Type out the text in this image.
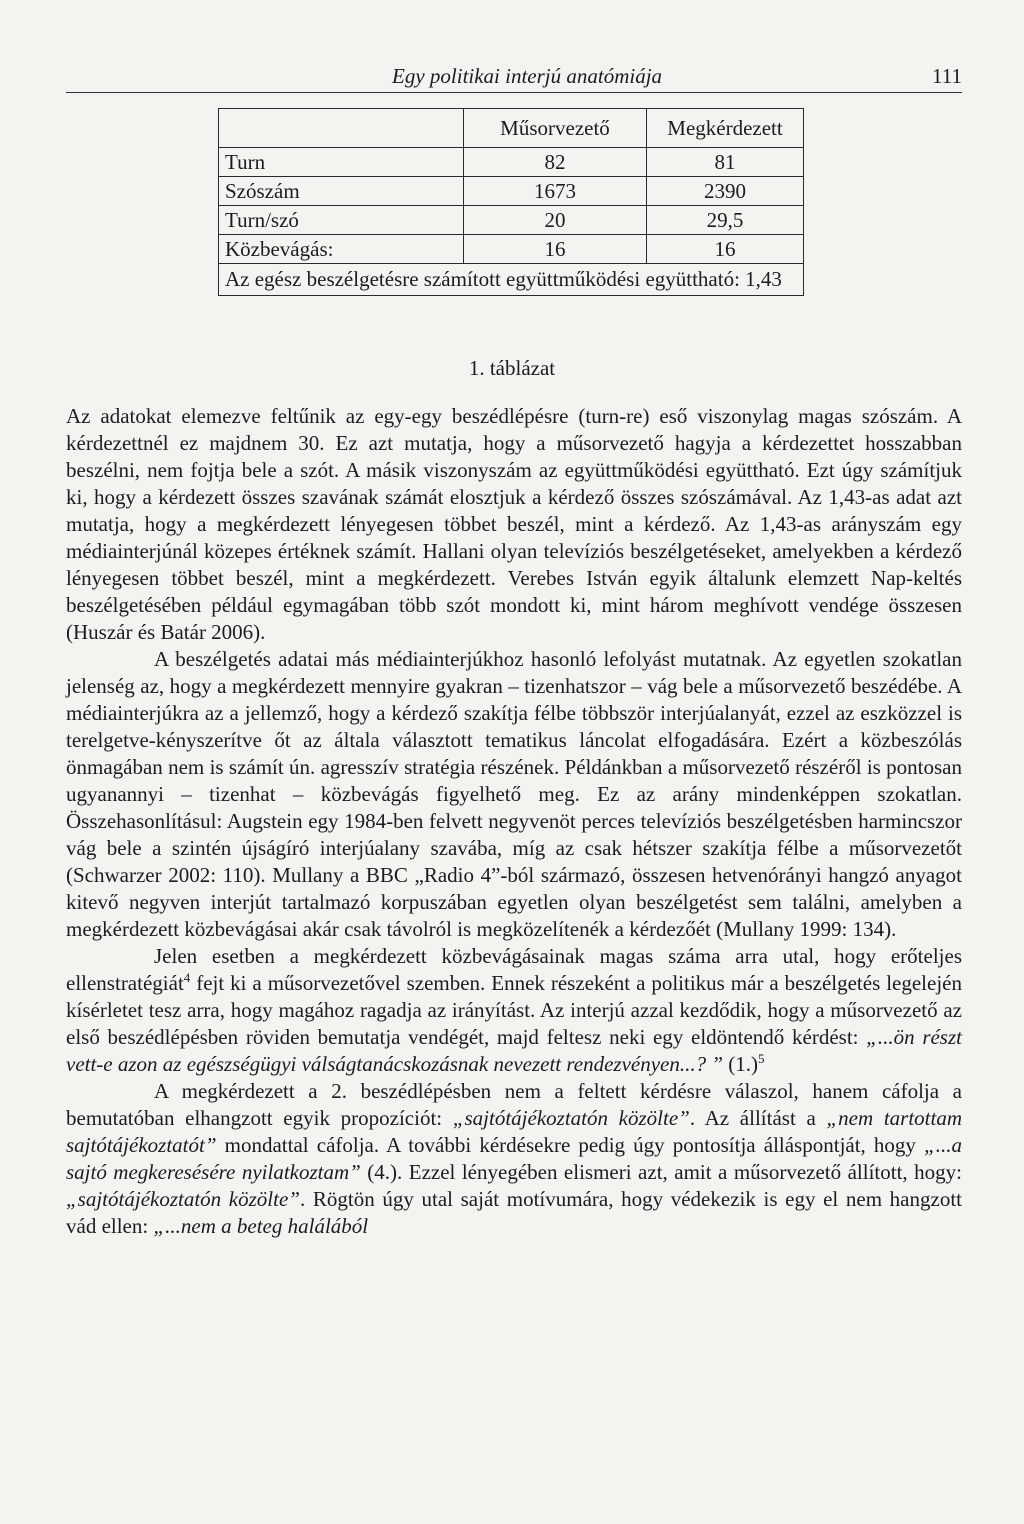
Egy politikai interjú anatómiája	111
	Műsorvezető	Megkérdezett
Turn	82	81
Szószám	1673	2390
Turn/szó	20	29,5
Közbevágás:	16	16
Az egész beszélgetésre számított együttműködési együttható: 1,43		
1. táblázat

Az adatokat elemezve feltűnik az egy-egy beszédlépésre (turn-re) eső viszonylag magas szószám. A kérdezettnél ez majdnem 30. Ez azt mutatja, hogy a műsorvezető hagyja a kérdezettet hosszabban beszélni, nem fojtja bele a szót. A másik viszonyszám az együttműködési együttható. Ezt úgy számítjuk ki, hogy a kérdezett összes szavának számát elosztjuk a kérdező összes szószámával. Az 1,43-as adat azt mutatja, hogy a megkérdezett lényegesen többet beszél, mint a kérdező. Az 1,43-as arányszám egy médiainterjúnál közepes értéknek számít. Hallani olyan televíziós beszélgetéseket, amelyekben a kérdező lényegesen többet beszél, mint a megkérdezett. Verebes István egyik általunk elemzett Nap-keltés beszélgetésében például egymagában több szót mondott ki, mint három meghívott vendége összesen (Huszár és Batár 2006).

A beszélgetés adatai más médiainterjúkhoz hasonló lefolyást mutatnak. Az egyetlen szokatlan jelenség az, hogy a megkérdezett mennyire gyakran – tizenhatszor – vág bele a műsorvezető beszédébe. A médiainterjúkra az a jellemző, hogy a kérdező szakítja félbe többször interjúalanyát, ezzel az eszközzel is terelgetve-kényszerítve őt az általa választott tematikus láncolat elfogadására. Ezért a közbeszólás önmagában nem is számít ún. agresszív stratégia részének. Példánkban a műsorvezető részéről is pontosan ugyanannyi – tizenhat – közbevágás figyelhető meg. Ez az arány mindenképpen szokatlan. Összehasonlításul: Augstein egy 1984-ben felvett negyvenöt perces televíziós beszélgetésben harmincszor vág bele a szintén újságíró interjúalany szavába, míg az csak hétszer szakítja félbe a műsorvezetőt (Schwarzer 2002: 110). Mullany a BBC „Radio 4”-ból származó, összesen hetvenórányi hangzó anyagot kitevő negyven interjút tartalmazó korpuszában egyetlen olyan beszélgetést sem találni, amelyben a megkérdezett közbevágásai akár csak távolról is megközelítenék a kérdezőét (Mullany 1999: 134).

Jelen esetben a megkérdezett közbevágásainak magas száma arra utal, hogy erőteljes ellenstratégiát$^4$ fejt ki a műsorvezetővel szemben. Ennek részeként a politikus már a beszélgetés legelején kísérletet tesz arra, hogy magához ragadja az irányítást. Az interjú azzal kezdődik, hogy a műsorvezető az első beszédlépésben röviden bemutatja vendégét, majd feltesz neki egy eldöntendő kérdést: „...ön részt vett-e azon az egészségügyi válságtanácskozásnak nevezett rendezvényen...? ” $(1.)^5$

A megkérdezett a 2. beszédlépésben nem a feltett kérdésre válaszol, hanem cáfolja a bemutatóban elhangzott egyik propozíciót: „sajtótájékoztatón közölte”. Az állítást a „nem tartottam sajtótájékoztatót” mondattal cáfolja. A további kérdésekre pedig úgy pontosítja álláspontját, hogy „...a sajtó megkeresésére nyilatkoztam” (4.). Ezzel lényegében elismeri azt, amit a műsorvezető állított, hogy: „sajtótájékoztatón közölte”. Rögtön úgy utal saját motívumára, hogy védekezik is egy el nem hangzott vád ellen: „...nem a beteg halálából
